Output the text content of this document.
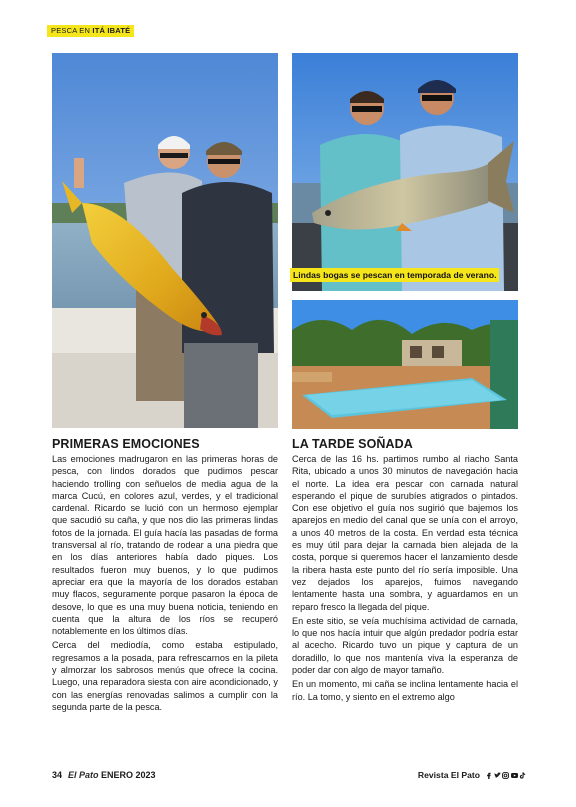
PESCA EN ITÁ IBATÉ
Lindas bogas se pescan en temporada de verano.
PRIMERAS EMOCIONES

Las emociones madrugaron en las primeras horas de pesca, con lindos dorados que pudimos pescar haciendo trolling con señuelos de media agua de la marca Cucú, en colores azul, verdes, y el tradicional cardenal. Ricardo se lució con un hermoso ejemplar que sacudió su caña, y que nos dio las primeras lindas fotos de la jornada. El guía hacía las pasadas de forma transversal al río, tratando de rodear a una piedra que en los días anteriores había dado piques. Los resultados fueron muy buenos, y lo que pudimos apreciar era que la mayoría de los dorados estaban muy flacos, seguramente porque pasaron la época de desove, lo que es una muy buena noticia, teniendo en cuenta que la altura de los ríos se recuperó notablemente en los últimos días.

Cerca del mediodía, como estaba estipulado, regresamos a la posada, para refrescarnos en la pileta y almorzar los sabrosos menús que ofrece la cocina. Luego, una reparadora siesta con aire acondicionado, y con las energías renovadas salimos a cumplir con la segunda parte de la pesca.

LA TARDE SOÑADA

Cerca de las 16 hs. partimos rumbo al riacho Santa Rita, ubicado a unos 30 minutos de navegación hacia el norte. La idea era pescar con carnada natural esperando el pique de surubíes atigrados o pintados. Con ese objetivo el guía nos sugirió que bajemos los aparejos en medio del canal que se unía con el arroyo, a unos 40 metros de la costa. En verdad esta técnica es muy útil para dejar la carnada bien alejada de la costa, porque si queremos hacer el lanzamiento desde la ribera hasta este punto del río sería imposible. Una vez dejados los aparejos, fuimos navegando lentamente hasta una sombra, y aguardamos en un reparo fresco la llegada del pique.

En este sitio, se veía muchísima actividad de carnada, lo que nos hacía intuir que algún predador podría estar al acecho. Ricardo tuvo un pique y captura de un doradillo, lo que nos mantenía viva la esperanza de poder dar con algo de mayor tamaño.

En un momento, mi caña se inclina lentamente hacia el río. La tomo, y siento en el extremo algo

34 El Pato ENERO 2023	Revista El Pato
